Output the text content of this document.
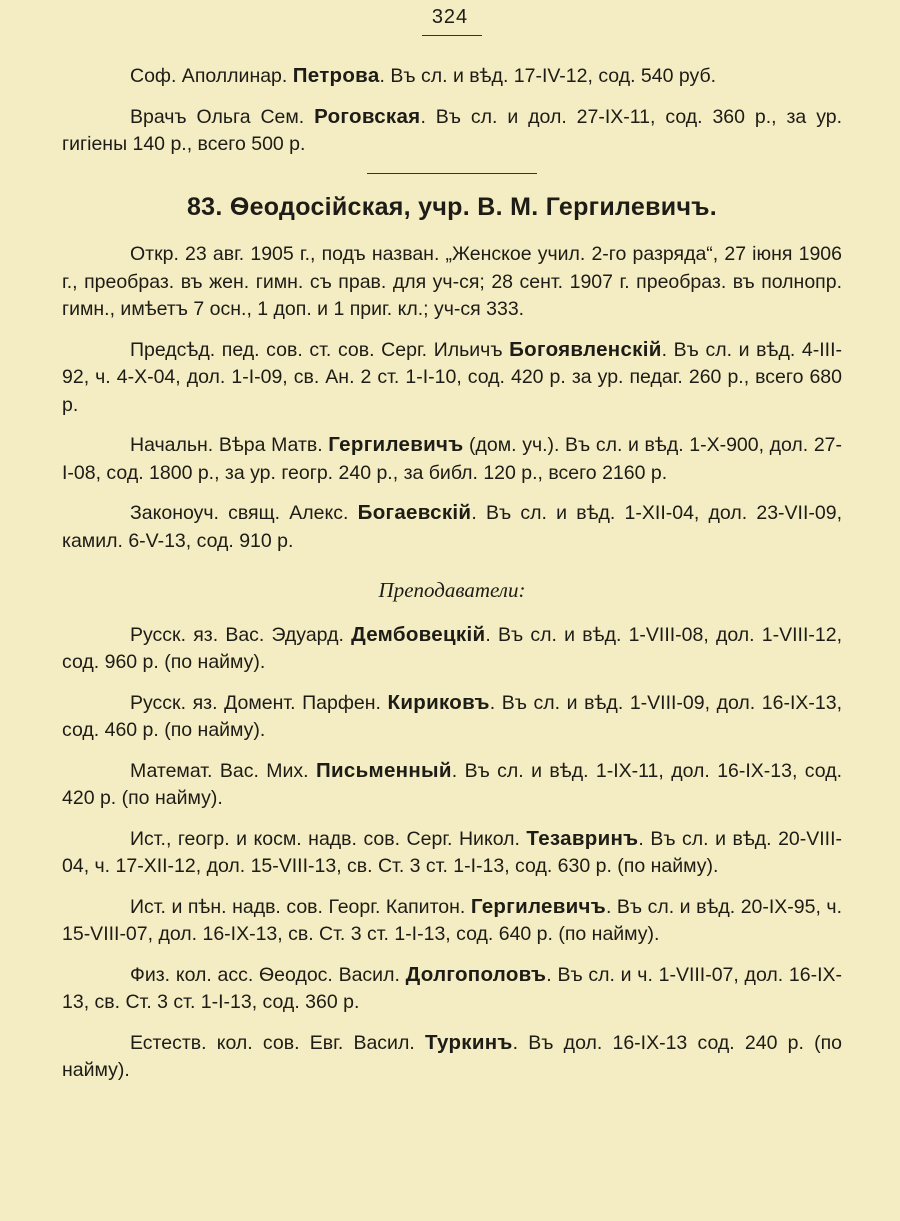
324

Соф. Аполлинар. Петрова. Въ сл. и вѣд. 17-IV-12, сод. 540 руб.

Врачъ Ольга Сем. Роговская. Въ сл. и дол. 27-IX-11, сод. 360 р., за ур. гигіены 140 р., всего 500 р.

83. Ѳеодосійская, учр. В. М. Гергилевичъ.

Откр. 23 авг. 1905 г., подъ назван. „Женское учил. 2-го разряда“, 27 іюня 1906 г., преобраз. въ жен. гимн. съ прав. для уч-ся; 28 сент. 1907 г. преобраз. въ полнопр. гимн., имѣетъ 7 осн., 1 доп. и 1 приг. кл.; уч-ся 333.

Предсѣд. пед. сов. ст. сов. Серг. Ильичъ Богоявленскій. Въ сл. и вѣд. 4-III-92, ч. 4-X-04, дол. 1-I-09, св. Ан. 2 ст. 1-I-10, сод. 420 р. за ур. педаг. 260 р., всего 680 р.

Начальн. Вѣра Матв. Гергилевичъ (дом. уч.). Въ сл. и вѣд. 1-X-900, дол. 27-I-08, сод. 1800 р., за ур. геогр. 240 р., за библ. 120 р., всего 2160 р.

Законоуч. свящ. Алекс. Богаевскій. Въ сл. и вѣд. 1-XII-04, дол. 23-VII-09, камил. 6-V-13, сод. 910 р.

Преподаватели:

Русск. яз. Вас. Эдуард. Дембовецкій. Въ сл. и вѣд. 1-VIII-08, дол. 1-VIII-12, сод. 960 р. (по найму).

Русск. яз. Домент. Парфен. Кириковъ. Въ сл. и вѣд. 1-VIII-09, дол. 16-IX-13, сод. 460 р. (по найму).

Математ. Вас. Мих. Письменный. Въ сл. и вѣд. 1-IX-11, дол. 16-IX-13, сод. 420 р. (по найму).

Ист., геогр. и косм. надв. сов. Серг. Никол. Тезавринъ. Въ сл. и вѣд. 20-VIII-04, ч. 17-XII-12, дол. 15-VIII-13, св. Ст. 3 ст. 1-I-13, сод. 630 р. (по найму).

Ист. и пѣн. надв. сов. Георг. Капитон. Гергилевичъ. Въ сл. и вѣд. 20-IX-95, ч. 15-VIII-07, дол. 16-IX-13, св. Ст. 3 ст. 1-I-13, сод. 640 р. (по найму).

Физ. кол. асс. Ѳеодос. Васил. Долгополовъ. Въ сл. и ч. 1-VIII-07, дол. 16-IX-13, св. Ст. 3 ст. 1-I-13, сод. 360 р.

Естеств. кол. сов. Евг. Васил. Туркинъ. Въ дол. 16-IX-13 сод. 240 р. (по найму).
